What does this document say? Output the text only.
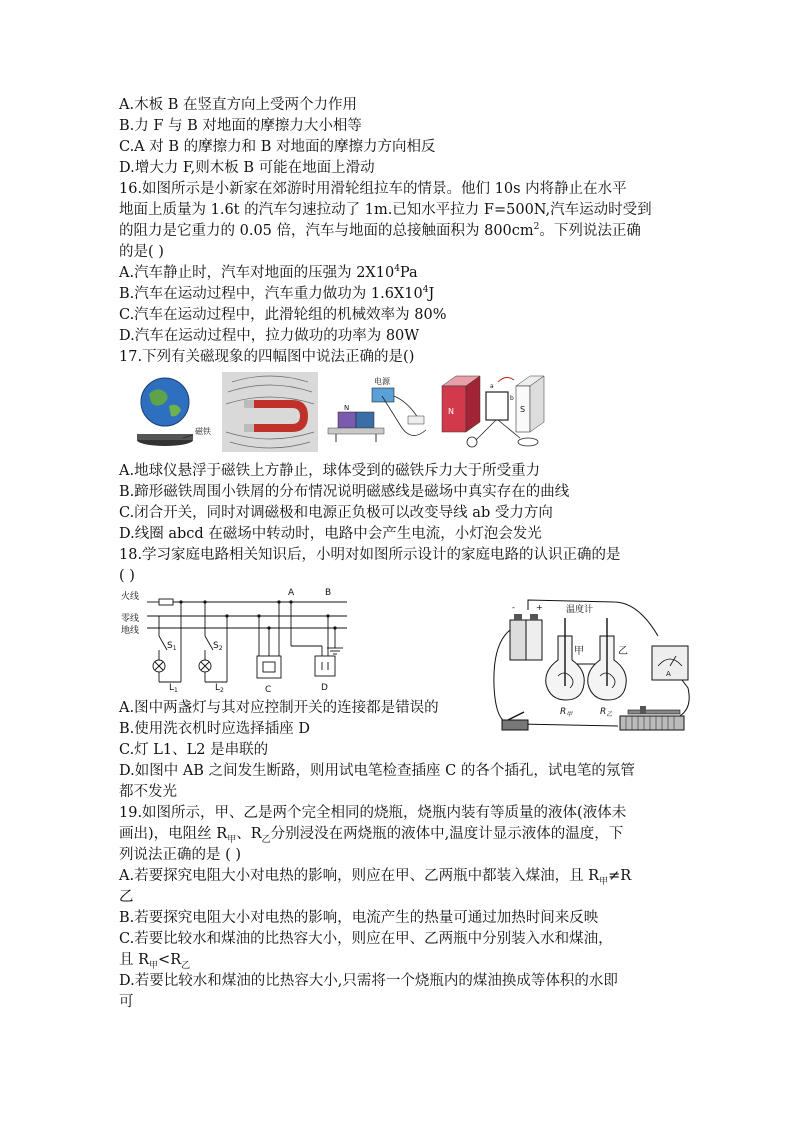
A.木板 B 在竖直方向上受两个力作用
B.力 F 与 B 对地面的摩擦力大小相等
C.A 对 B 的摩擦力和 B 对地面的摩擦力方向相反
D.增大力 F,则木板 B 可能在地面上滑动
16.如图所示是小新家在郊游时用滑轮组拉车的情景。他们 10s 内将静止在水平
地面上质量为 1.6t 的汽车匀速拉动了 1m.已知水平拉力 F=500N,汽车运动时受到
的阻力是它重力的 0.05 倍，汽车与地面的总接触面积为 $800cm^2$。下列说法正确
的是( )
A.汽车静止时，汽车对地面的压强为 $2X10^4Pa$
B.汽车在运动过程中，汽车重力做功为 $1.6X10^4J$
C.汽车在运动过程中，此滑轮组的机械效率为 80%
D.汽车在运动过程中，拉力做功的功率为 80W
17.下列有关磁现象的四幅图中说法正确的是()
磁铁
电源
N	N	S
a
b
A.地球仪悬浮于磁铁上方静止，球体受到的磁铁斥力大于所受重力
B.蹄形磁铁周围小铁屑的分布情况说明磁感线是磁场中真实存在的曲线
C.闭合开关，同时对调磁极和电源正负极可以改变导线 ab 受力方向
D.线圈 abcd 在磁场中转动时，电路中会产生电流，小灯泡会发光
18.学习家庭电路相关知识后，小明对如图所示设计的家庭电路的认识正确的是
( )
火线
零线
地线
A	B
$S_1$	$S_2$
$L_1$	$L_2$	C	D
-	+	温度计
甲	乙
$R_甲$	$R_乙$
A
A.图中两盏灯与其对应控制开关的连接都是错误的
B.使用洗衣机时应选择插座 D
C.灯 L1、L2 是串联的
D.如图中 AB 之间发生断路，则用试电笔检查插座 C 的各个插孔，试电笔的氖管
都不发光
19.如图所示，甲、乙是两个完全相同的烧瓶，烧瓶内装有等质量的液体(液体未
画出)，电阻丝 $R_甲$、$R_乙$分别浸没在两烧瓶的液体中,温度计显示液体的温度，下
列说法正确的是 ( )
A.若要探究电阻大小对电热的影响，则应在甲、乙两瓶中都装入煤油，且 $R_甲\ne R$
乙
B.若要探究电阻大小对电热的影响，电流产生的热量可通过加热时间来反映
C.若要比较水和煤油的比热容大小，则应在甲、乙两瓶中分别装入水和煤油，
且 $R_甲<R_乙$
D.若要比较水和煤油的比热容大小,只需将一个烧瓶内的煤油换成等体积的水即
可
